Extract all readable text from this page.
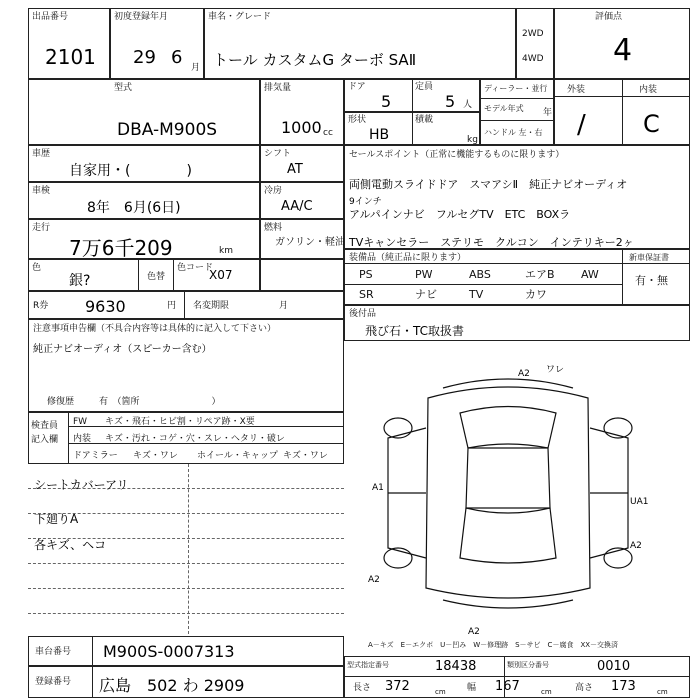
出品番号
2101
初度登録年月
29 6 月
車名・グレード
トール カスタムG ターボ SAⅡ
2WD
4WD
評価点
4
型式
DBA-M900S
排気量
1000 cc
ドア
5
定員
5 人
形状
HB
積載
kg
ディーラー・並行
モデル年式 年
ハンドル 左・右
外装	内装
/ C
車歴
自家用・(　　　　)
シフト
AT
車検
8年　6月(6日)
冷房
AA/C
走行
7万6千209	km
燃料
ガソリン・軽油
色
銀?	色替
色コード
X07
R券 9630	円 名変期限	月
セールスポイント（正常に機能するものに限ります）
両側電動スライドドア　スマアシⅡ　純正ナビオーディオ
9インチ
アルパインナビ　フルセグTV　ETC　BOXラ
TVキャンセラー　ステリモ　クルコン　インテリキー2ヶ
装備品（純正品に限ります）	新車保証書
PS	PW	ABS	エアB AW
SR	ナビ	TV	カワ
有・無
後付品
飛び石・TC取扱書
注意事項申告欄（不具合内容等は具体的に記入して下さい）
純正ナビオーディオ（スピーカー含む）
修復歴	有　（箇所　　　　　　　　）
検査員
記入欄
FW キズ・飛石・ヒビ割・リペア跡・X要
内装 キズ・汚れ・コゲ・穴・スレ・ヘタリ・破レ
ドアミラー キズ・ワレ ホイール・キャップ キズ・ワレ
シートカバーアリ
下廻りA
各キズ、ヘコ
A2 ワレ
A1
UA1
A2
A2
A2
A－キズ　E－エクボ　U－凹み　W－修理跡　S－サビ　C－腐食　XX－交換済
車台番号 M900S-0007313
登録番号 広島　502 わ 2909
型式指定番号	18438	類別区分番号	0010
長さ 372	cm 幅 167	cm	高さ 173	cm
